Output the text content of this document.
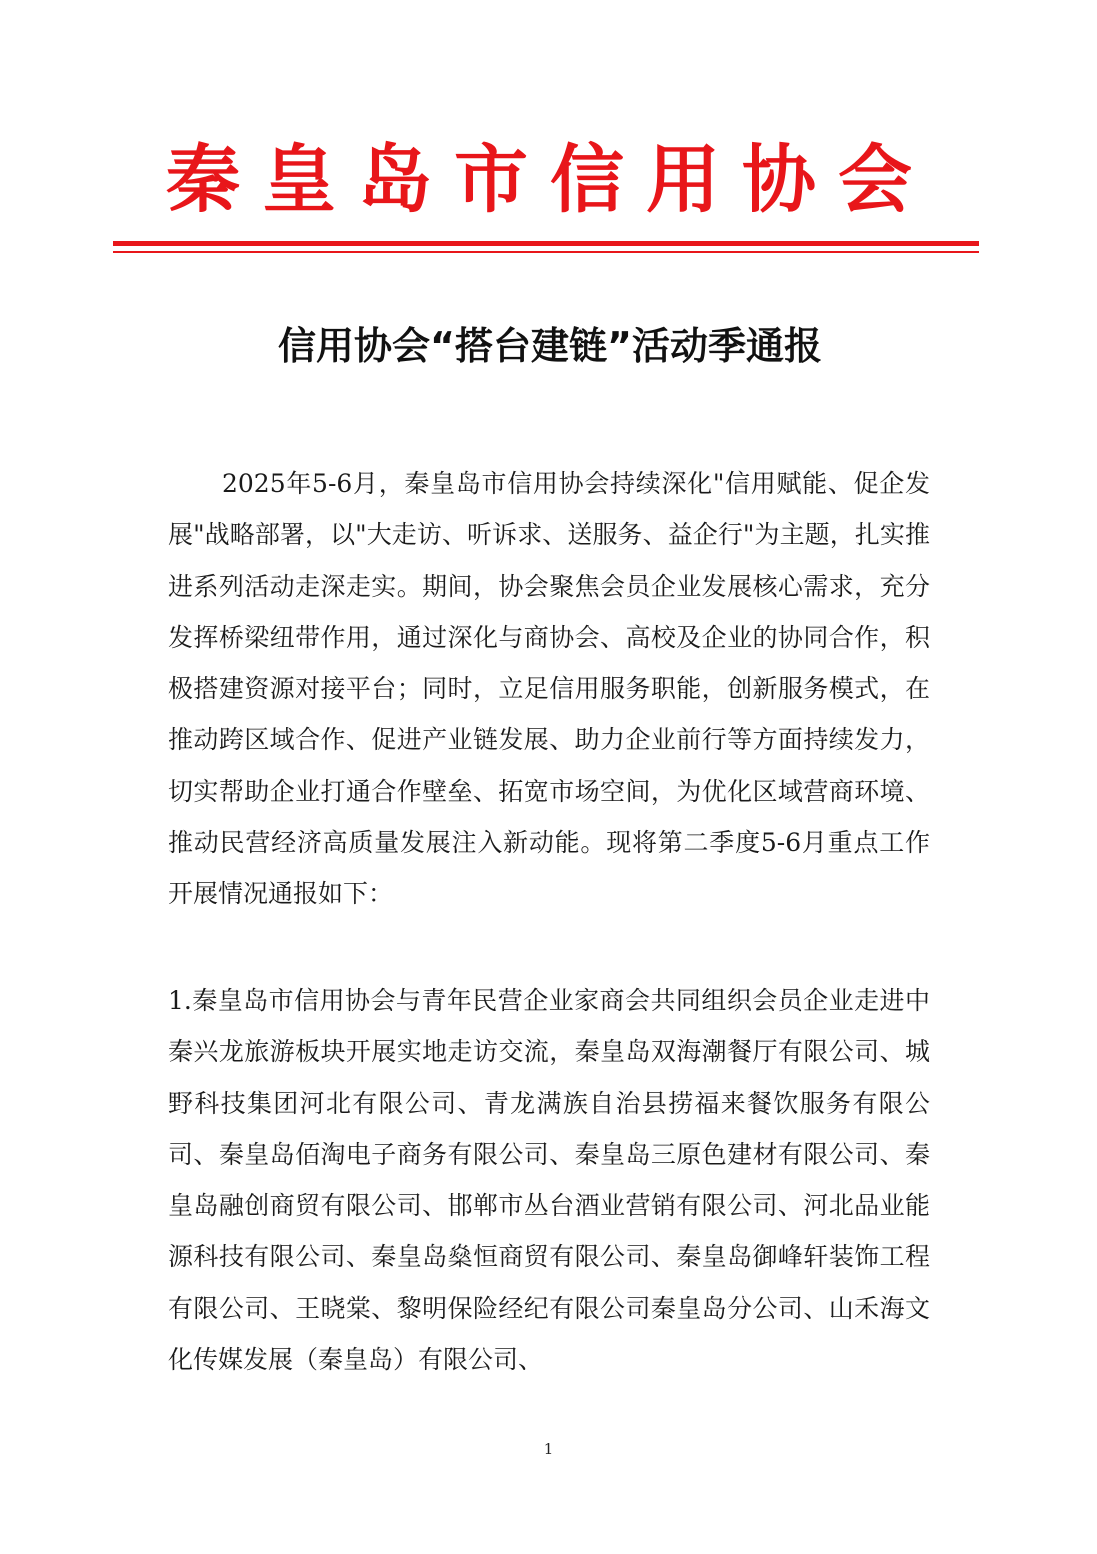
秦皇岛市信用协会
信用协会“搭台建链”活动季通报

2025年5-6月，秦皇岛市信用协会持续深化"信用赋能、促企发展"战略部署，以"大走访、听诉求、送服务、益企行"为主题，扎实推进系列活动走深走实。期间，协会聚焦会员企业发展核心需求，充分发挥桥梁纽带作用，通过深化与商协会、高校及企业的协同合作，积极搭建资源对接平台；同时，立足信用服务职能，创新服务模式，在推动跨区域合作、促进产业链发展、助力企业前行等方面持续发力，切实帮助企业打通合作壁垒、拓宽市场空间，为优化区域营商环境、推动民营经济高质量发展注入新动能。现将第二季度5-6月重点工作开展情况通报如下：

1.秦皇岛市信用协会与青年民营企业家商会共同组织会员企业走进中秦兴龙旅游板块开展实地走访交流，秦皇岛双海潮餐厅有限公司、城野科技集团河北有限公司、青龙满族自治县捞福来餐饮服务有限公司、秦皇岛佰淘电子商务有限公司、秦皇岛三原色建材有限公司、秦皇岛融创商贸有限公司、邯郸市丛台酒业营销有限公司、河北品业能源科技有限公司、秦皇岛燊恒商贸有限公司、秦皇岛御峰轩装饰工程有限公司、王晓棠、黎明保险经纪有限公司秦皇岛分公司、山禾海文化传媒发展（秦皇岛）有限公司、

1
